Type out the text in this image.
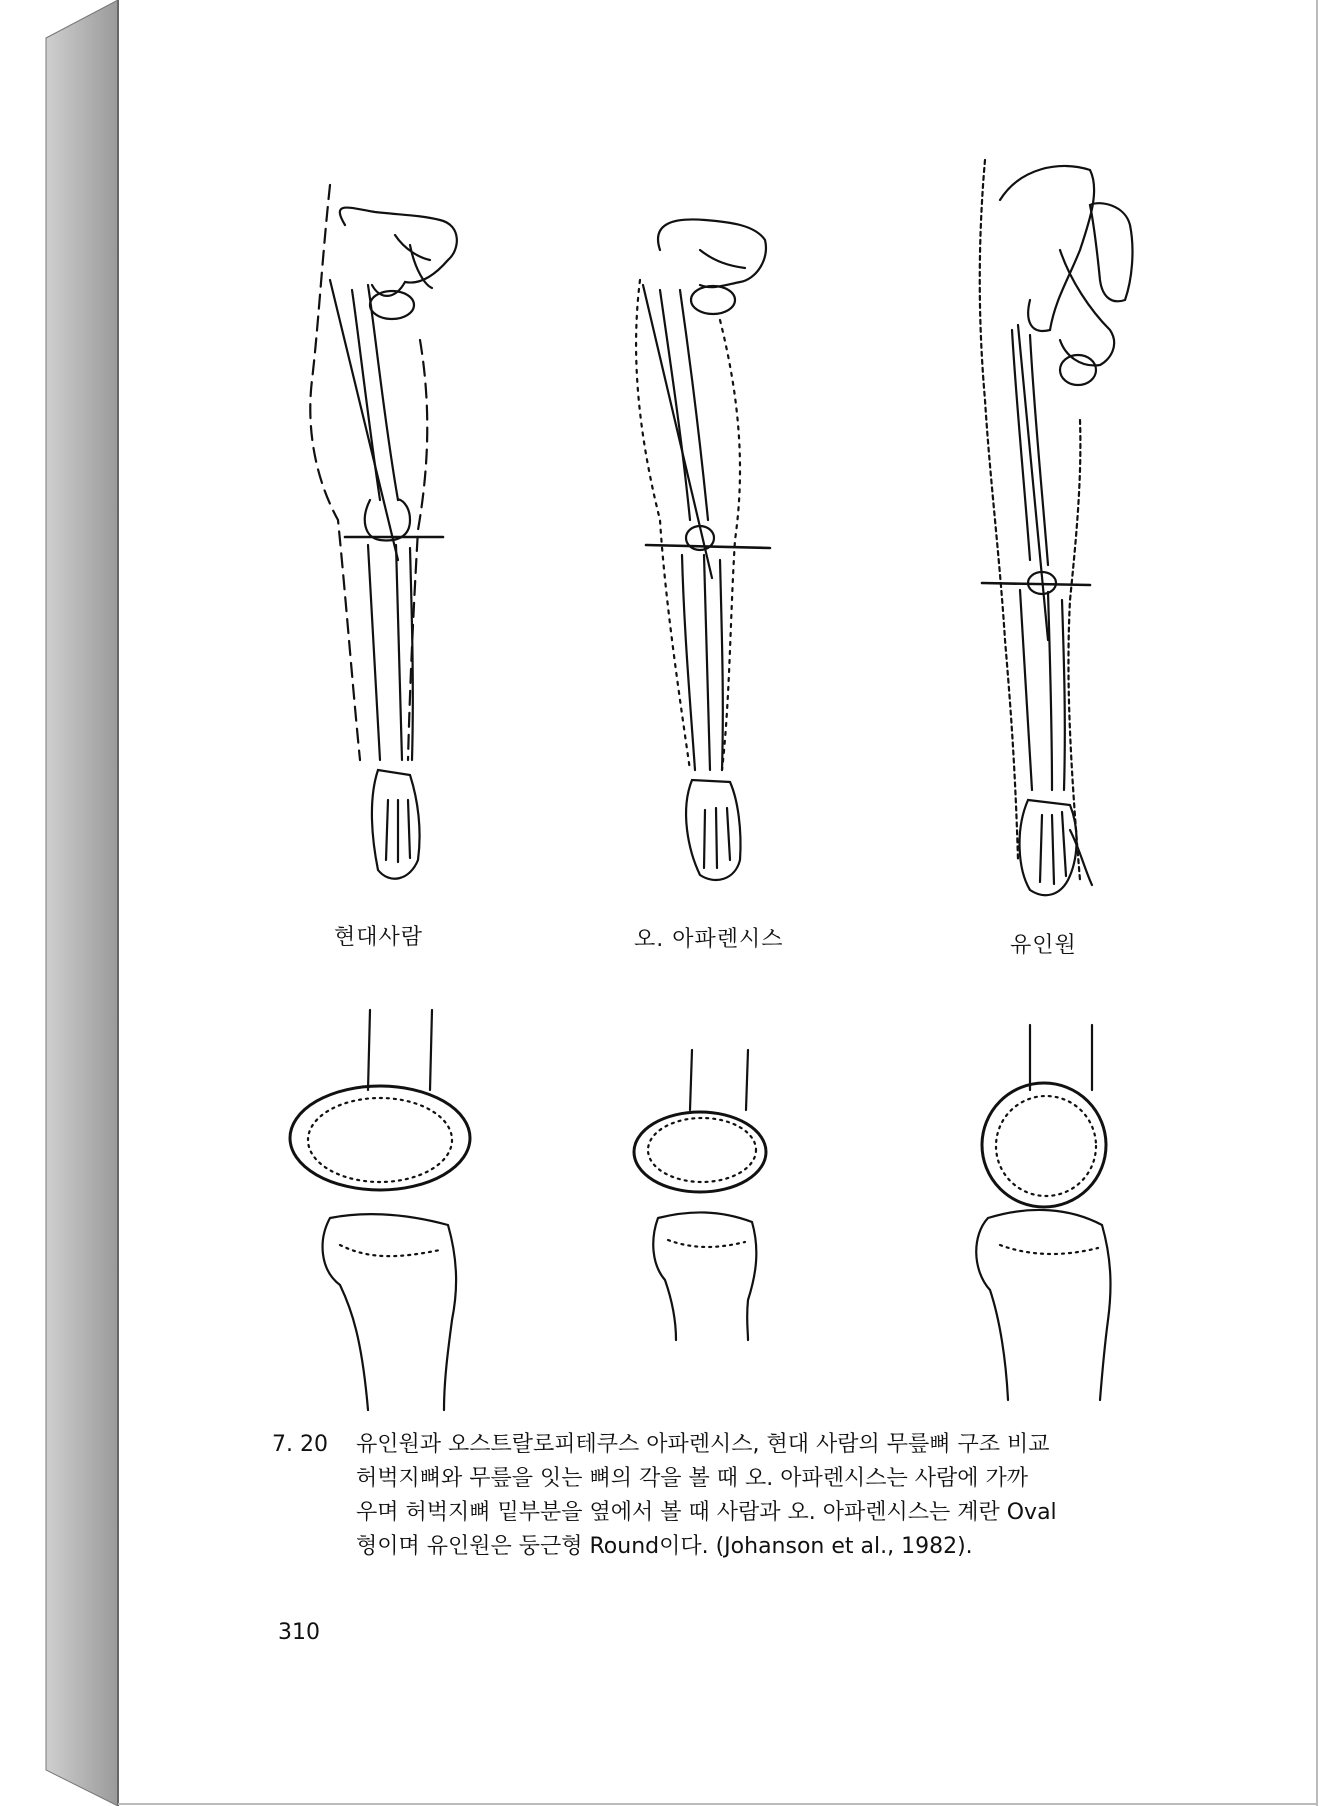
현대사람	오. 아파렌시스	유인원
7. 20	유인원과 오스트랄로피테쿠스 아파렌시스, 현대 사람의 무릎뼈 구조 비교
허벅지뼈와 무릎을 잇는 뼈의 각을 볼 때 오. 아파렌시스는 사람에 가까
우며 허벅지뼈 밑부분을 옆에서 볼 때 사람과 오. 아파렌시스는 계란 Oval
형이며 유인원은 둥근형 Round이다. (Johanson et al., 1982).
310
